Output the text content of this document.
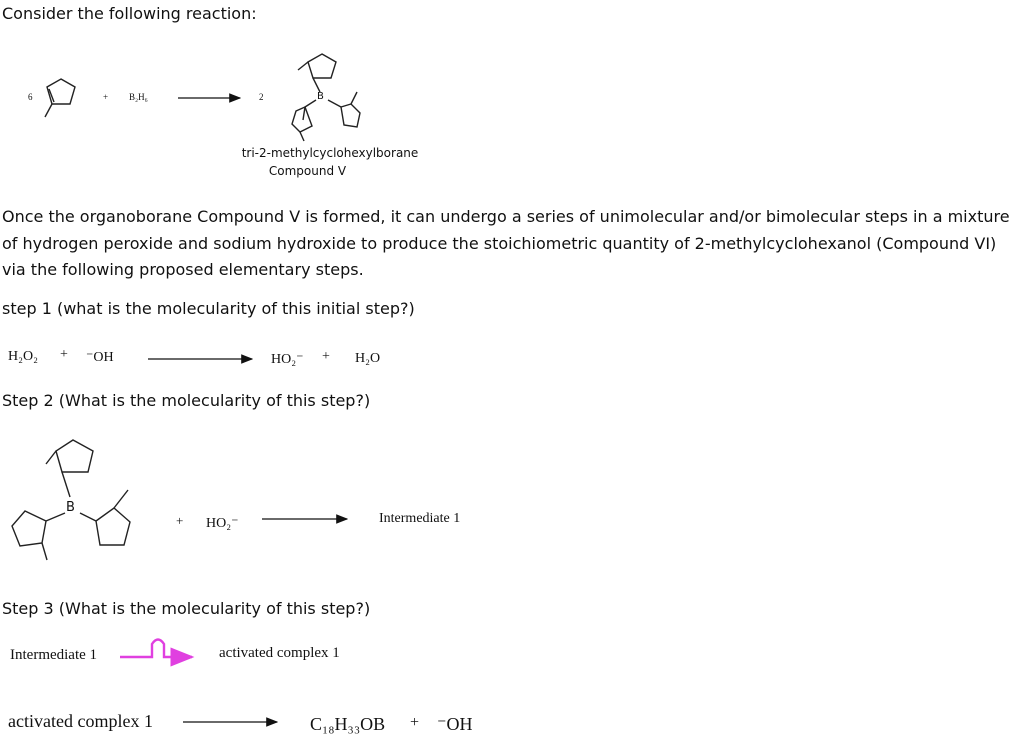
Consider the following reaction:
6	+ B₂H₆	2	B
tri-2-methylcyclohexylborane
Compound V
Once the organoborane Compound V is formed, it can undergo a series of unimolecular and/or bimolecular steps in a mixture of hydrogen peroxide and sodium hydroxide to produce the stoichiometric quantity of 2-methylcyclohexanol (Compound VI) via the following proposed elementary steps.
step 1 (what is the molecularity of this initial step?)
H₂O₂ + ⁻OH	HO₂⁻ + H₂O
Step 2 (What is the molecularity of this step?)
B
+ HO₂⁻	Intermediate 1
Step 3 (What is the molecularity of this step?)
Intermediate 1	activated complex 1
activated complex 1	C₁₈H₃₃OB + ⁻OH
